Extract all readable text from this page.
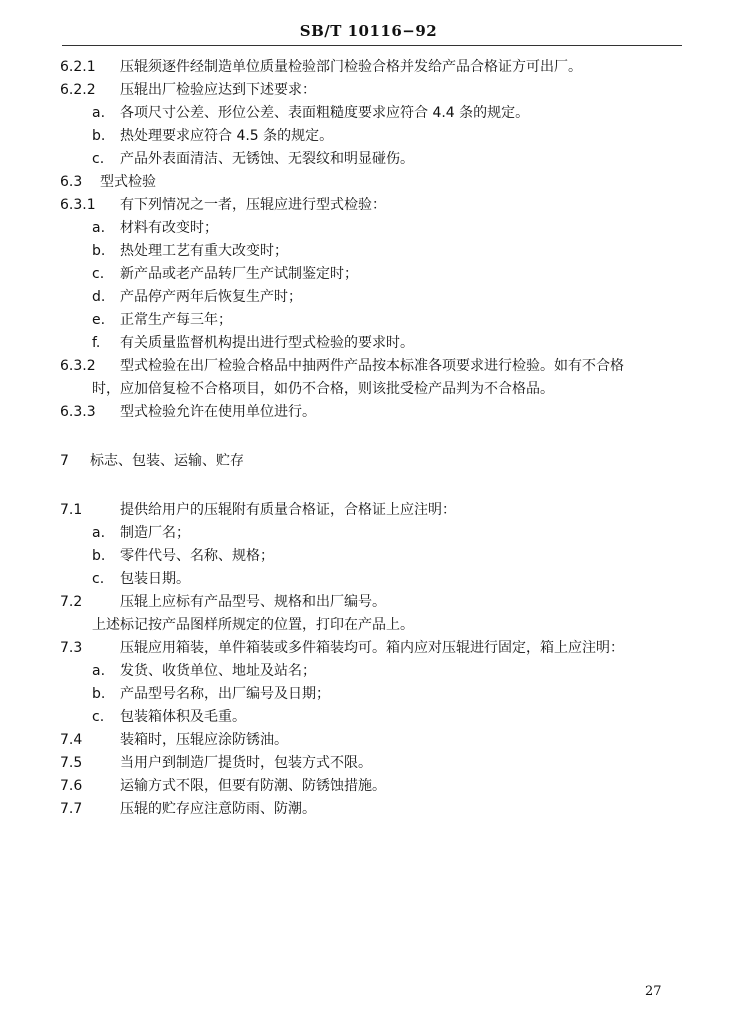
SB/T 10116−92
6.2.1 压辊须逐件经制造单位质量检验部门检验合格并发给产品合格证方可出厂。
6.2.2 压辊出厂检验应达到下述要求：
a. 各项尺寸公差、形位公差、表面粗糙度要求应符合 4.4 条的规定。
b. 热处理要求应符合 4.5 条的规定。
c. 产品外表面清洁、无锈蚀、无裂纹和明显碰伤。
6.3 型式检验
6.3.1 有下列情况之一者，压辊应进行型式检验：
a. 材料有改变时；
b. 热处理工艺有重大改变时；
c. 新产品或老产品转厂生产试制鉴定时；
d. 产品停产两年后恢复生产时；
e. 正常生产每三年；
f. 有关质量监督机构提出进行型式检验的要求时。
6.3.2 型式检验在出厂检验合格品中抽两件产品按本标准各项要求进行检验。如有不合格
时，应加倍复检不合格项目，如仍不合格，则该批受检产品判为不合格品。
6.3.3 型式检验允许在使用单位进行。
7 标志、包装、运输、贮存
7.1	提供给用户的压辊附有质量合格证，合格证上应注明：
a. 制造厂名；
b. 零件代号、名称、规格；
c. 包装日期。
7.2	压辊上应标有产品型号、规格和出厂编号。
上述标记按产品图样所规定的位置，打印在产品上。
7.3	压辊应用箱装，单件箱装或多件箱装均可。箱内应对压辊进行固定，箱上应注明：
a. 发货、收货单位、地址及站名；
b. 产品型号名称，出厂编号及日期；
c. 包装箱体积及毛重。
7.4	装箱时，压辊应涂防锈油。
7.5	当用户到制造厂提货时，包装方式不限。
7.6	运输方式不限，但要有防潮、防锈蚀措施。
7.7	压辊的贮存应注意防雨、防潮。
27
